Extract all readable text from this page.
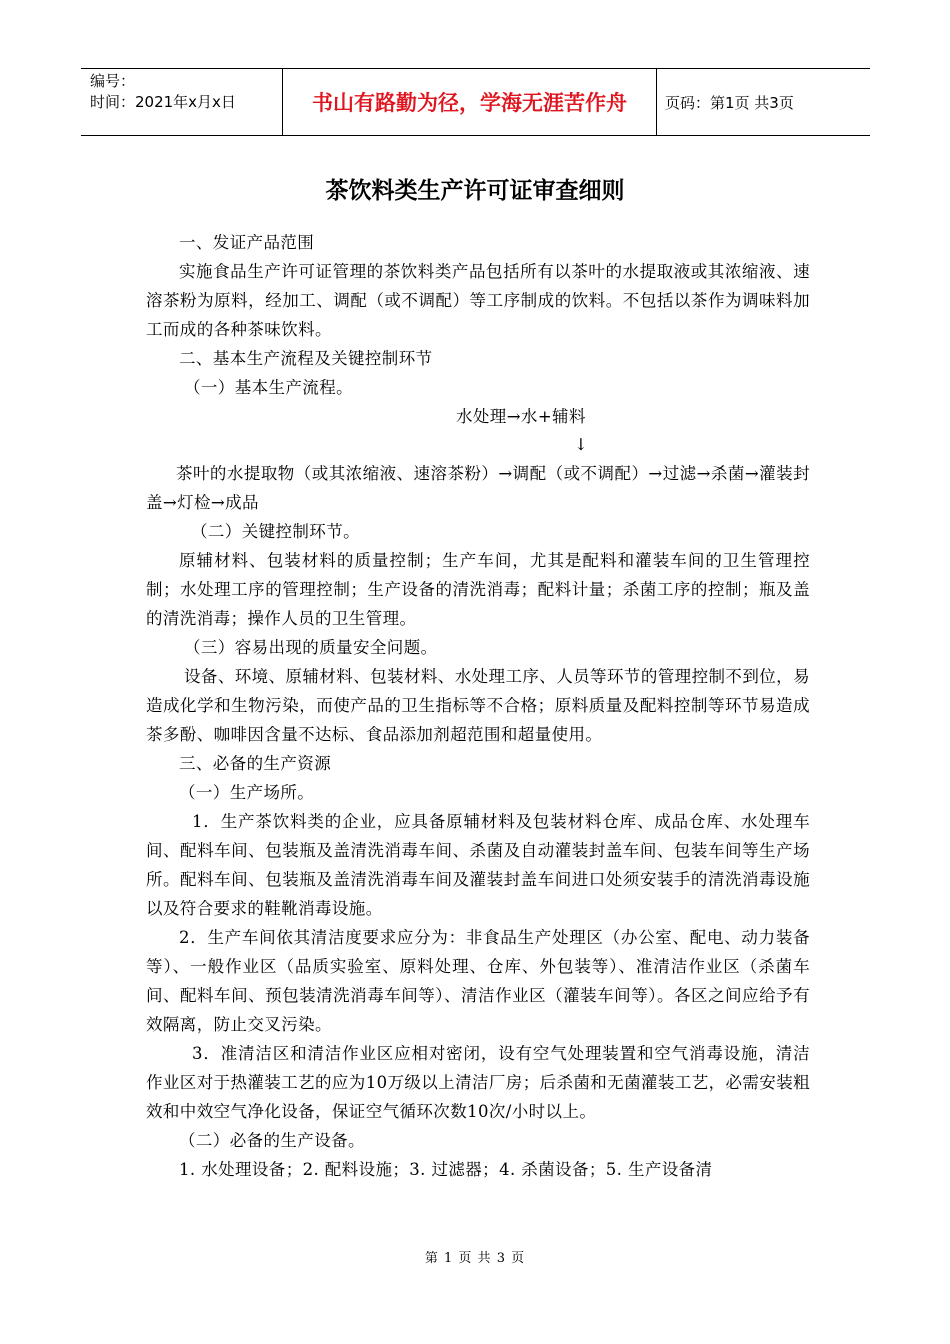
编号：
时间：2021年x月x日	书山有路勤为径，学海无涯苦作舟	页码：第1页 共3页
茶饮料类生产许可证审查细则

一、发证产品范围

实施食品生产许可证管理的茶饮料类产品包括所有以茶叶的水提取液或其浓缩液、速溶茶粉为原料，经加工、调配（或不调配）等工序制成的饮料。不包括以茶作为调味料加工而成的各种茶味饮料。

二、基本生产流程及关键控制环节

（一）基本生产流程。

水处理→水+辅料

↓

茶叶的水提取物（或其浓缩液、速溶茶粉）→调配（或不调配）→过滤→杀菌→灌装封盖→灯检→成品

（二）关键控制环节。

原辅材料、包装材料的质量控制；生产车间，尤其是配料和灌装车间的卫生管理控制；水处理工序的管理控制；生产设备的清洗消毒；配料计量；杀菌工序的控制；瓶及盖的清洗消毒；操作人员的卫生管理。

（三）容易出现的质量安全问题。

设备、环境、原辅材料、包装材料、水处理工序、人员等环节的管理控制不到位，易造成化学和生物污染，而使产品的卫生指标等不合格；原料质量及配料控制等环节易造成茶多酚、咖啡因含量不达标、食品添加剂超范围和超量使用。

三、必备的生产资源

（一）生产场所。

1．生产茶饮料类的企业，应具备原辅材料及包装材料仓库、成品仓库、水处理车间、配料车间、包装瓶及盖清洗消毒车间、杀菌及自动灌装封盖车间、包装车间等生产场所。配料车间、包装瓶及盖清洗消毒车间及灌装封盖车间进口处须安装手的清洗消毒设施以及符合要求的鞋靴消毒设施。

2．生产车间依其清洁度要求应分为：非食品生产处理区（办公室、配电、动力装备等）、一般作业区（品质实验室、原料处理、仓库、外包装等）、准清洁作业区（杀菌车间、配料车间、预包装清洗消毒车间等）、清洁作业区（灌装车间等）。各区之间应给予有效隔离，防止交叉污染。

3．准清洁区和清洁作业区应相对密闭，设有空气处理装置和空气消毒设施，清洁作业区对于热灌装工艺的应为10万级以上清洁厂房；后杀菌和无菌灌装工艺，必需安装粗效和中效空气净化设备，保证空气循环次数10次/小时以上。

（二）必备的生产设备。

1. 水处理设备；2. 配料设施；3. 过滤器；4. 杀菌设备；5. 生产设备清

第 1 页 共 3 页
